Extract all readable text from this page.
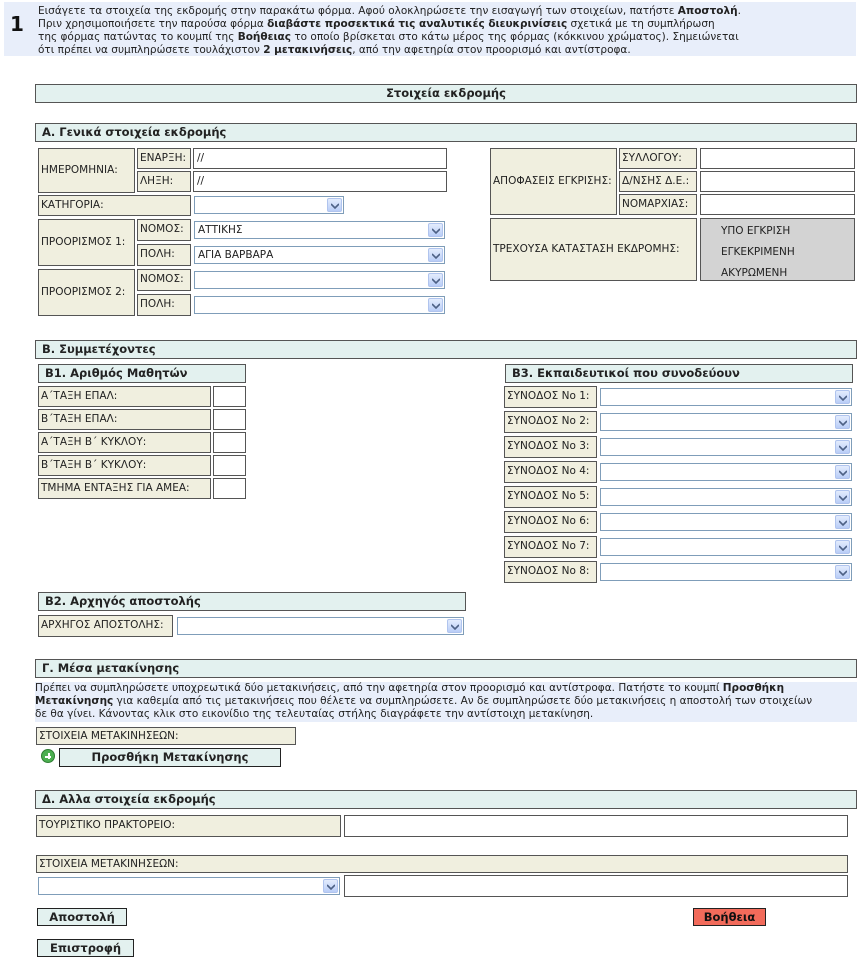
1
Εισάγετε τα στοιχεία της εκδρομής στην παρακάτω φόρμα. Αφού ολοκληρώσετε την εισαγωγή των στοιχείων, πατήστε Αποστολή.
Πριν χρησιμοποιήσετε την παρούσα φόρμα διαβάστε προσεκτικά τις αναλυτικές διευκρινίσεις σχετικά με τη συμπλήρωση
της φόρμας πατώντας το κουμπί της Βοήθειας το οποίο βρίσκεται στο κάτω μέρος της φόρμας (κόκκινου χρώματος). Σημειώνεται
ότι πρέπει να συμπληρώσετε τουλάχιστον 2 μετακινήσεις, από την αφετηρία στον προορισμό και αντίστροφα.
Στοιχεία εκδρομής
Α. Γενικά στοιχεία εκδρομής
ΗΜΕΡΟΜΗΝΙΑ:
ΕΝΑΡΞΗ:	//
ΛΗΞΗ:	//
ΚΑΤΗΓΟΡΙΑ:
ΠΡΟΟΡΙΣΜΟΣ 1:
ΝΟΜΟΣ:	ΑΤΤΙΚΗΣ
ΠΟΛΗ:	ΑΓΙΑ ΒΑΡΒΑΡΑ
ΠΡΟΟΡΙΣΜΟΣ 2:
ΝΟΜΟΣ:
ΠΟΛΗ:
ΑΠΟΦΑΣΕΙΣ ΕΓΚΡΙΣΗΣ:
ΣΥΛΛΟΓΟΥ:
Δ/ΝΣΗΣ Δ.Ε.:
ΝΟΜΑΡΧΙΑΣ:
ΤΡΕΧΟΥΣΑ ΚΑΤΑΣΤΑΣΗ ΕΚΔΡΟΜΗΣ:
ΥΠΟ ΕΓΚΡΙΣΗ
ΕΓΚΕΚΡΙΜΕΝΗ
ΑΚΥΡΩΜΕΝΗ
Β. Συμμετέχοντες
Β1. Αριθμός Μαθητών
Α΄ΤΑΞΗ ΕΠΑΛ:
Β΄ΤΑΞΗ ΕΠΑΛ:
Α΄ΤΑΞΗ Β΄ ΚΥΚΛΟΥ:
Β΄ΤΑΞΗ Β΄ ΚΥΚΛΟΥ:
ΤΜΗΜΑ ΕΝΤΑΞΗΣ ΓΙΑ ΑΜΕΑ:
Β3. Εκπαιδευτικοί που συνοδεύουν
ΣΥΝΟΔΟΣ Νο 1:
ΣΥΝΟΔΟΣ Νο 2:
ΣΥΝΟΔΟΣ Νο 3:
ΣΥΝΟΔΟΣ Νο 4:
ΣΥΝΟΔΟΣ Νο 5:
ΣΥΝΟΔΟΣ Νο 6:
ΣΥΝΟΔΟΣ Νο 7:
ΣΥΝΟΔΟΣ Νο 8:
Β2. Αρχηγός αποστολής
ΑΡΧΗΓΟΣ ΑΠΟΣΤΟΛΗΣ:
Γ. Μέσα μετακίνησης
Πρέπει να συμπληρώσετε υποχρεωτικά δύο μετακινήσεις, από την αφετηρία στον προορισμό και αντίστροφα. Πατήστε το κουμπί Προσθήκη
Μετακίνησης για καθεμία από τις μετακινήσεις που θέλετε να συμπληρώσετε. Αν δε συμπληρώσετε δύο μετακινήσεις η αποστολή των στοιχείων
δε θα γίνει. Κάνοντας κλικ στο εικονίδιο της τελευταίας στήλης διαγράφετε την αντίστοιχη μετακίνηση.
ΣΤΟΙΧΕΙΑ ΜΕΤΑΚΙΝΗΣΕΩΝ:
Προσθήκη Μετακίνησης
Δ. Αλλα στοιχεία εκδρομής
ΤΟΥΡΙΣΤΙΚΟ ΠΡΑΚΤΟΡΕΙΟ:
ΣΤΟΙΧΕΙΑ ΜΕΤΑΚΙΝΗΣΕΩΝ:
Αποστολή	Βοήθεια
Επιστροφή
